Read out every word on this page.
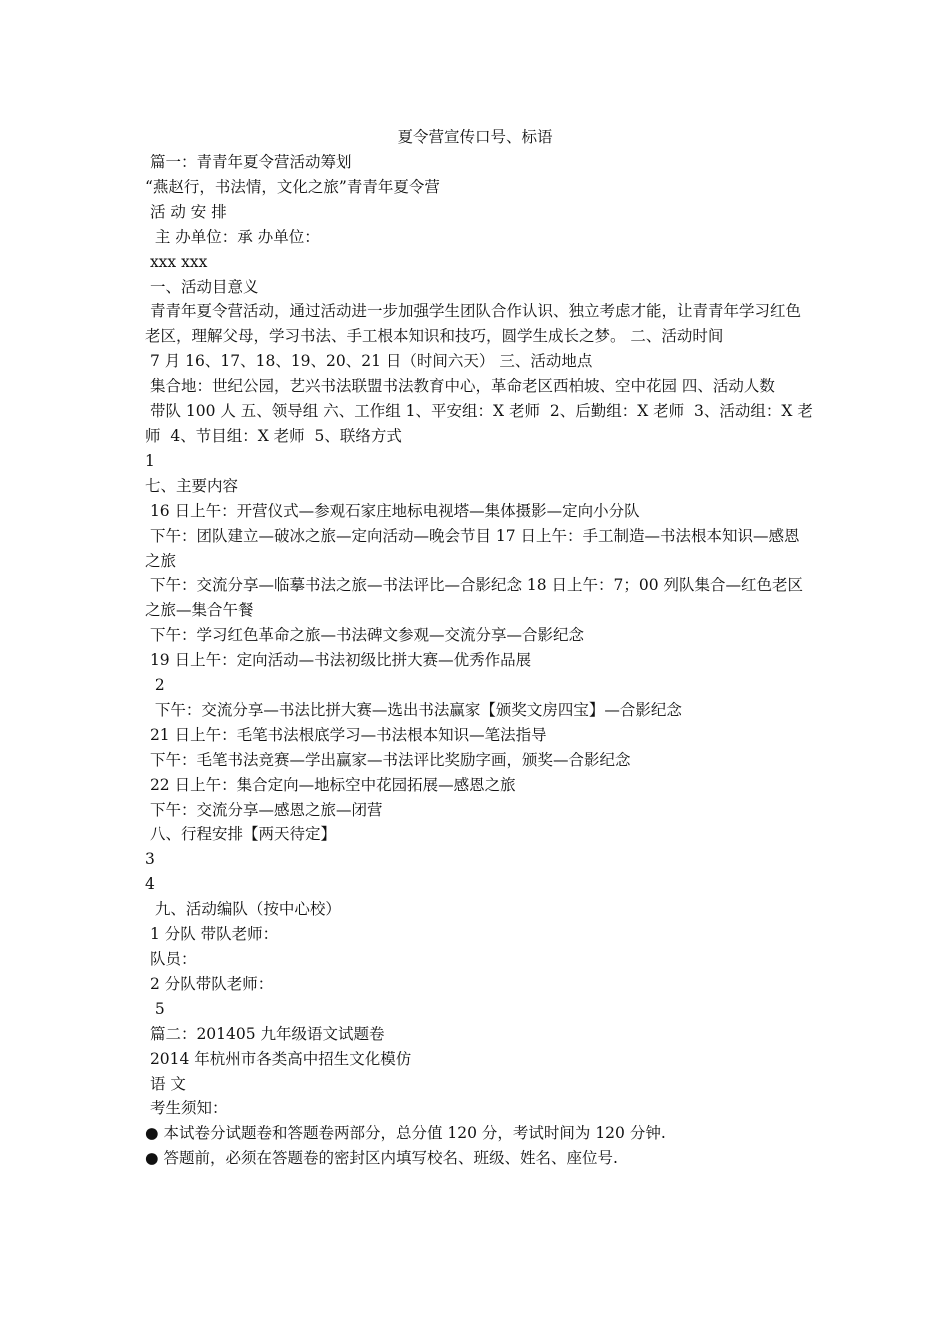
夏令营宣传口号、标语

篇一：青青年夏令营活动筹划

“燕赵行，书法情，文化之旅”青青年夏令营

活 动 安 排

主 办单位：承 办单位：

xxx xxx

一、活动目意义

青青年夏令营活动，通过活动进一步加强学生团队合作认识、独立考虑才能，让青青年学习红色老区，理解父母，学习书法、手工根本知识和技巧，圆学生成长之梦。 二、活动时间

7 月 16、17、18、19、20、21 日（时间六天） 三、活动地点

集合地：世纪公园，艺兴书法联盟书法教育中心，革命老区西柏坡、空中花园 四、活动人数

带队 100 人 五、领导组 六、工作组 1、平安组：X 老师  2、后勤组：X 老师  3、活动组：X 老师  4、节目组：X 老师  5、联络方式

1

七、主要内容

16 日上午：开营仪式—参观石家庄地标电视塔—集体摄影—定向小分队

下午：团队建立—破冰之旅—定向活动—晚会节目 17 日上午：手工制造—书法根本知识—感恩之旅

下午：交流分享—临摹书法之旅—书法评比—合影纪念 18 日上午：7；00 列队集合—红色老区之旅—集合午餐

下午：学习红色革命之旅—书法碑文参观—交流分享—合影纪念

19 日上午：定向活动—书法初级比拼大赛—优秀作品展

2

下午：交流分享—书法比拼大赛—选出书法赢家【颁奖文房四宝】—合影纪念

21 日上午：毛笔书法根底学习—书法根本知识—笔法指导

下午：毛笔书法竞赛—学出赢家—书法评比奖励字画，颁奖—合影纪念

22 日上午：集合定向—地标空中花园拓展—感恩之旅

下午：交流分享—感恩之旅—闭营

八、行程安排【两天待定】

3

4

九、活动编队（按中心校）

1 分队 带队老师：

队员：

2 分队带队老师：

5

篇二：201405 九年级语文试题卷

2014 年杭州市各类高中招生文化模仿

语 文

考生须知：

● 本试卷分试题卷和答题卷两部分，总分值 120 分，考试时间为 120 分钟.

● 答题前，必须在答题卷的密封区内填写校名、班级、姓名、座位号.
